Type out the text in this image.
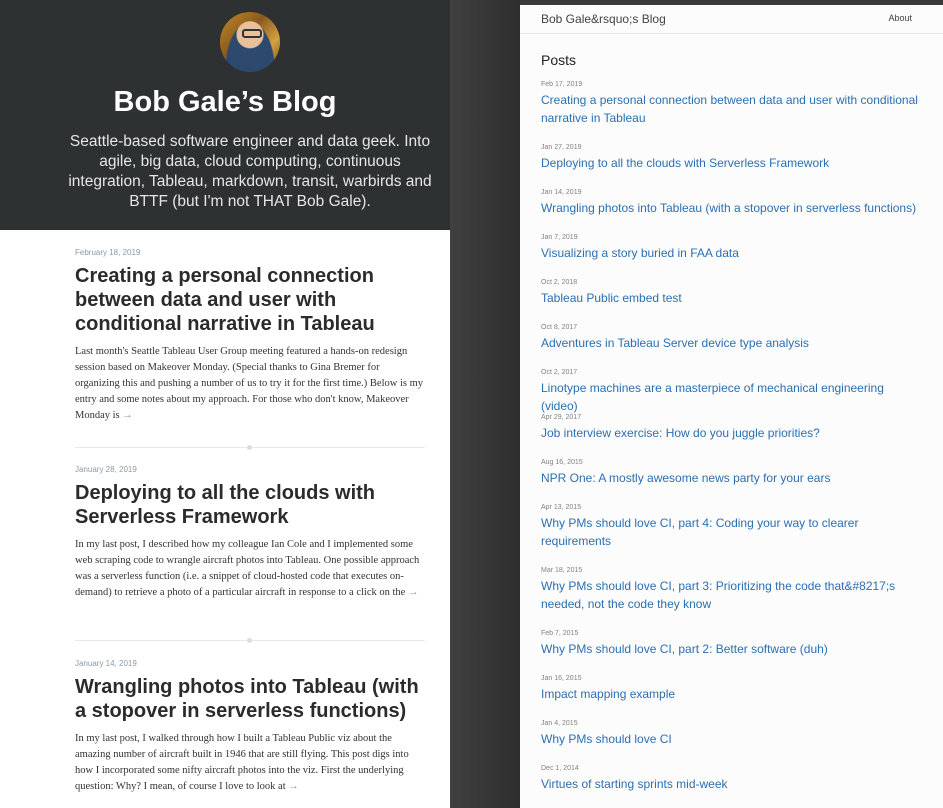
Bob Gale’s Blog

Seattle-based software engineer and data geek. Into agile, big data, cloud computing, continuous integration, Tableau, markdown, transit, warbirds and BTTF (but I'm not THAT Bob Gale).

February 18, 2019
Creating a personal connection between data and user with conditional narrative in Tableau

Last month's Seattle Tableau User Group meeting featured a hands-on redesign session based on Makeover Monday. (Special thanks to Gina Bremer for organizing this and pushing a number of us to try it for the first time.) Below is my entry and some notes about my approach. For those who don't know, Makeover Monday is →

January 28, 2019
Deploying to all the clouds with Serverless Framework

In my last post, I described how my colleague Ian Cole and I implemented some web scraping code to wrangle aircraft photos into Tableau. One possible approach was a serverless function (i.e. a snippet of cloud-hosted code that executes on-demand) to retrieve a photo of a particular aircraft in response to a click on the →

January 14, 2019
Wrangling photos into Tableau (with a stopover in serverless functions)

In my last post, I walked through how I built a Tableau Public viz about the amazing number of aircraft built in 1946 that are still flying. This post digs into how I incorporated some nifty aircraft photos into the viz. First the underlying question: Why? I mean, of course I love to look at →

Bob Gale&rsquo;s Blog	About
Posts
Feb 17, 2019
Creating a personal connection between data and user with conditional narrative in Tableau
Jan 27, 2019
Deploying to all the clouds with Serverless Framework
Jan 14, 2019
Wrangling photos into Tableau (with a stopover in serverless functions)
Jan 7, 2019
Visualizing a story buried in FAA data
Oct 2, 2018
Tableau Public embed test
Oct 8, 2017
Adventures in Tableau Server device type analysis
Oct 2, 2017
Linotype machines are a masterpiece of mechanical engineering (video)
Apr 29, 2017
Job interview exercise: How do you juggle priorities?
Aug 16, 2015
NPR One: A mostly awesome news party for your ears
Apr 13, 2015
Why PMs should love CI, part 4: Coding your way to clearer requirements
Mar 18, 2015
Why PMs should love CI, part 3: Prioritizing the code that&#8217;s needed, not the code they know
Feb 7, 2015
Why PMs should love CI, part 2: Better software (duh)
Jan 16, 2015
Impact mapping example
Jan 4, 2015
Why PMs should love CI
Dec 1, 2014
Virtues of starting sprints mid-week
